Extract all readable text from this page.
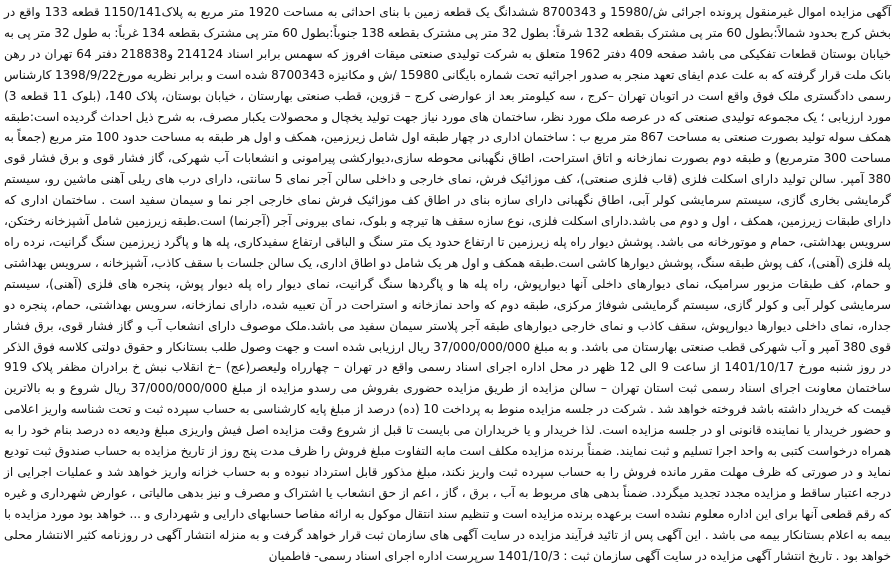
آگهی مزایده اموال غیرمنقول پرونده اجرائی ش/15980 و 8700343 ششدانگ یک قطعه زمین با بنای احداثی به مساحت 1920 متر مربع به پلاک1150/141 قطعه 133 واقع در بخش کرج بحدود شمالاً:بطول 60 متر پی مشترک بقطعه 132 شرقاً: بطول 32 متر پی مشترک بقطعه 138 جنوباً:بطول 60 متر پی مشترک بقطعه 134 غرباً: به طول 32 متر پی به خیابان بوستان قطعات تفکیکی می باشد صفحه 409 دفتر 1962 متعلق به شرکت تولیدی صنعتی میقات افروز که سهمس برابر اسناد 214124 و218838 دفتر 64 تهران در رهن بانک ملت قرار گرفته که به علت عدم ایفای تعهد منجر به صدور اجرائیه تحت شماره بایگانی 15980 /ش و مکانیزه 8700343 شده است و برابر نظریه مورخ1398/9/22 کارشناس رسمی دادگستری ملک فوق واقع است در اتوبان تهران –کرج ، سه کیلومتر بعد از عوارضی کرج – قزوین، قطب صنعتی بهارستان ، خیابان بوستان، پلاک 140، (بلوک 11 قطعه 3) مورد ارزیابی ؛ یک مجموعه تولیدی صنعتی که در عرصه ملک مورد نظر، ساختمان های مورد نیاز جهت تولید یخچال و محصولات یکبار مصرف، به شرح ذیل احداث گردیده است:طبقه همکف سوله تولید بصورت صنعتی به مساحت 867 متر مربع ب : ساختمان اداری در چهار طبقه اول شامل زیرزمین، همکف و اول هر طبقه به مساحت حدود 100 متر مربع (جمعاً به مساحت 300 مترمربع) و طبقه دوم بصورت نمازخانه و اتاق استراحت، اطاق نگهبانی محوطه سازی،دیوارکشی پیرامونی و انشعابات آب شهرکی، گاز فشار قوی و برق فشار قوی 380 آمپر. سالن تولید دارای اسکلت فلزی (قاب فلزی صنعتی)، کف موزائیک فرش، نمای خارجی و داخلی سالن آجر نمای 5 سانتی، دارای درب های ریلی آهنی ماشین رو، سیستم گرمایشی بخاری گازی، سیستم سرمایشی کولر آبی، اطاق نگهبانی دارای سازه بنای در اطاق کف موزائیک فرش نمای خارجی اجر نما و سیمان سفید است . ساختمان اداری که دارای طبقات زیرزمین، همکف ، اول و دوم می باشد.دارای اسکلت فلزی، نوع سازه سقف ها تیرچه و بلوک، نمای بیرونی آجر (آجرنما) است.طبقه زیرزمین شامل آشپزخانه رختکن، سرویس بهداشتی، حمام و موتورخانه می باشد. پوشش دیوار راه پله زیرزمین تا ارتفاع حدود یک متر سنگ و الباقی ارتفاع سفیدکاری، پله ها و پاگرد زیرزمین سنگ گرانیت، نرده راه پله فلزی (آهنی)، کف پوش طبقه سنگ، پوشش دیوارها کاشی است.طبقه همکف و اول هر یک شامل دو اطاق اداری، یک سالن جلسات با سقف کاذب، آشپزخانه ، سرویس بهداشتی و حمام، کف طبقات مزبور سرامیک، نمای دیوارهای داخلی آنها دیوارپوش، راه پله ها و پاگردها سنگ گرانیت، نمای دیوار راه پله دیوار پوش، پنجره های فلزی (آهنی)، سیستم سرمایشی کولر آبی و کولر گازی، سیستم گرمایشی شوفاژ مرکزی، طبقه دوم که واحد نمازخانه و استراحت در آن تعبیه شده، دارای نمازخانه، سرویس بهداشتی، حمام، پنجره دو جداره، نمای داخلی دیوارها دیوارپوش، سقف کاذب و نمای خارجی دیوارهای طبقه آجر پلاستر سیمان سفید می باشد.ملک موصوف دارای انشعاب آب و گاز فشار قوی، برق فشار قوی 380 آمپر و آب شهرکی قطب صنعتی بهارستان می باشد. و به مبلغ 37/000/000/000 ریال ارزیابی شده است و جهت وصول طلب بستانکار و حقوق دولتی کلاسه فوق الذکر در روز شنبه مورخ 1401/10/17 از ساعت 9 الی 12 ظهر در محل اداره اجرای اسناد رسمی واقع در تهران – چهارراه ولیعصر(عج) –خ انقلاب نبش خ برادران مظفر پلاک 919 ساختمان معاونت اجرای اسناد رسمی ثبت استان تهران – سالن مزایده از طریق مزایده حضوری بفروش می رسدو مزایده از مبلغ 37/000/000/000 ریال شروع و به بالاترین قیمت که خریدار داشته باشد فروخته خواهد شد . شرکت در جلسه مزایده منوط به پرداخت 10 (ده) درصد از مبلغ پایه کارشناسی به حساب سپرده ثبت و تحت شناسه واریز اعلامی و حضور خریدار یا نماینده قانونی او در جلسه مزایده است. لذا خریدار و یا خریداران می بایست تا قبل از شروع وقت مزایده اصل فیش واریزی مبلغ ودیعه ده درصد بنام خود را به همراه درخواست کتبی به واحد اجرا تسلیم و ثبت نمایند. ضمناً برنده مزایده مکلف است مابه التفاوت مبلغ فروش را ظرف مدت پنج روز از تاریخ مزایده به حساب صندوق ثبت تودیع نماید و در صورتی که ظرف مهلت مقرر مانده فروش را به حساب سپرده ثبت واریز نکند، مبلغ مذکور قابل استرداد نبوده و به حساب خزانه واریز خواهد شد و عملیات اجرایی از درجه اعتبار ساقط و مزایده مجدد تجدید میگردد. ضمناً بدهی های مربوط به آب ، برق ، گاز ، اعم از حق انشعاب یا اشتراک و مصرف و نیز بدهی مالیاتی ، عوارض شهرداری و غیره که رقم قطعی آنها برای این اداره معلوم نشده است برعهده برنده مزایده است و تنظیم سند انتقال موکول به ارائه مفاصا حسابهای دارایی و شهرداری و ... خواهد بود مورد مزایده با بیمه به اعلام بستانکار بیمه می باشد . این آگهی پس از تائید فرآیند مزایده در سایت آگهی های سازمان ثبت قرار خواهد گرفت و به منزله انتشار آگهی در روزنامه کثیر الانتشار محلی خواهد بود . تاریخ انتشار آگهی مزایده در سایت آگهی سازمان ثبت : 1401/10/3 سرپرست اداره اجرای اسناد رسمی- فاطمیان
